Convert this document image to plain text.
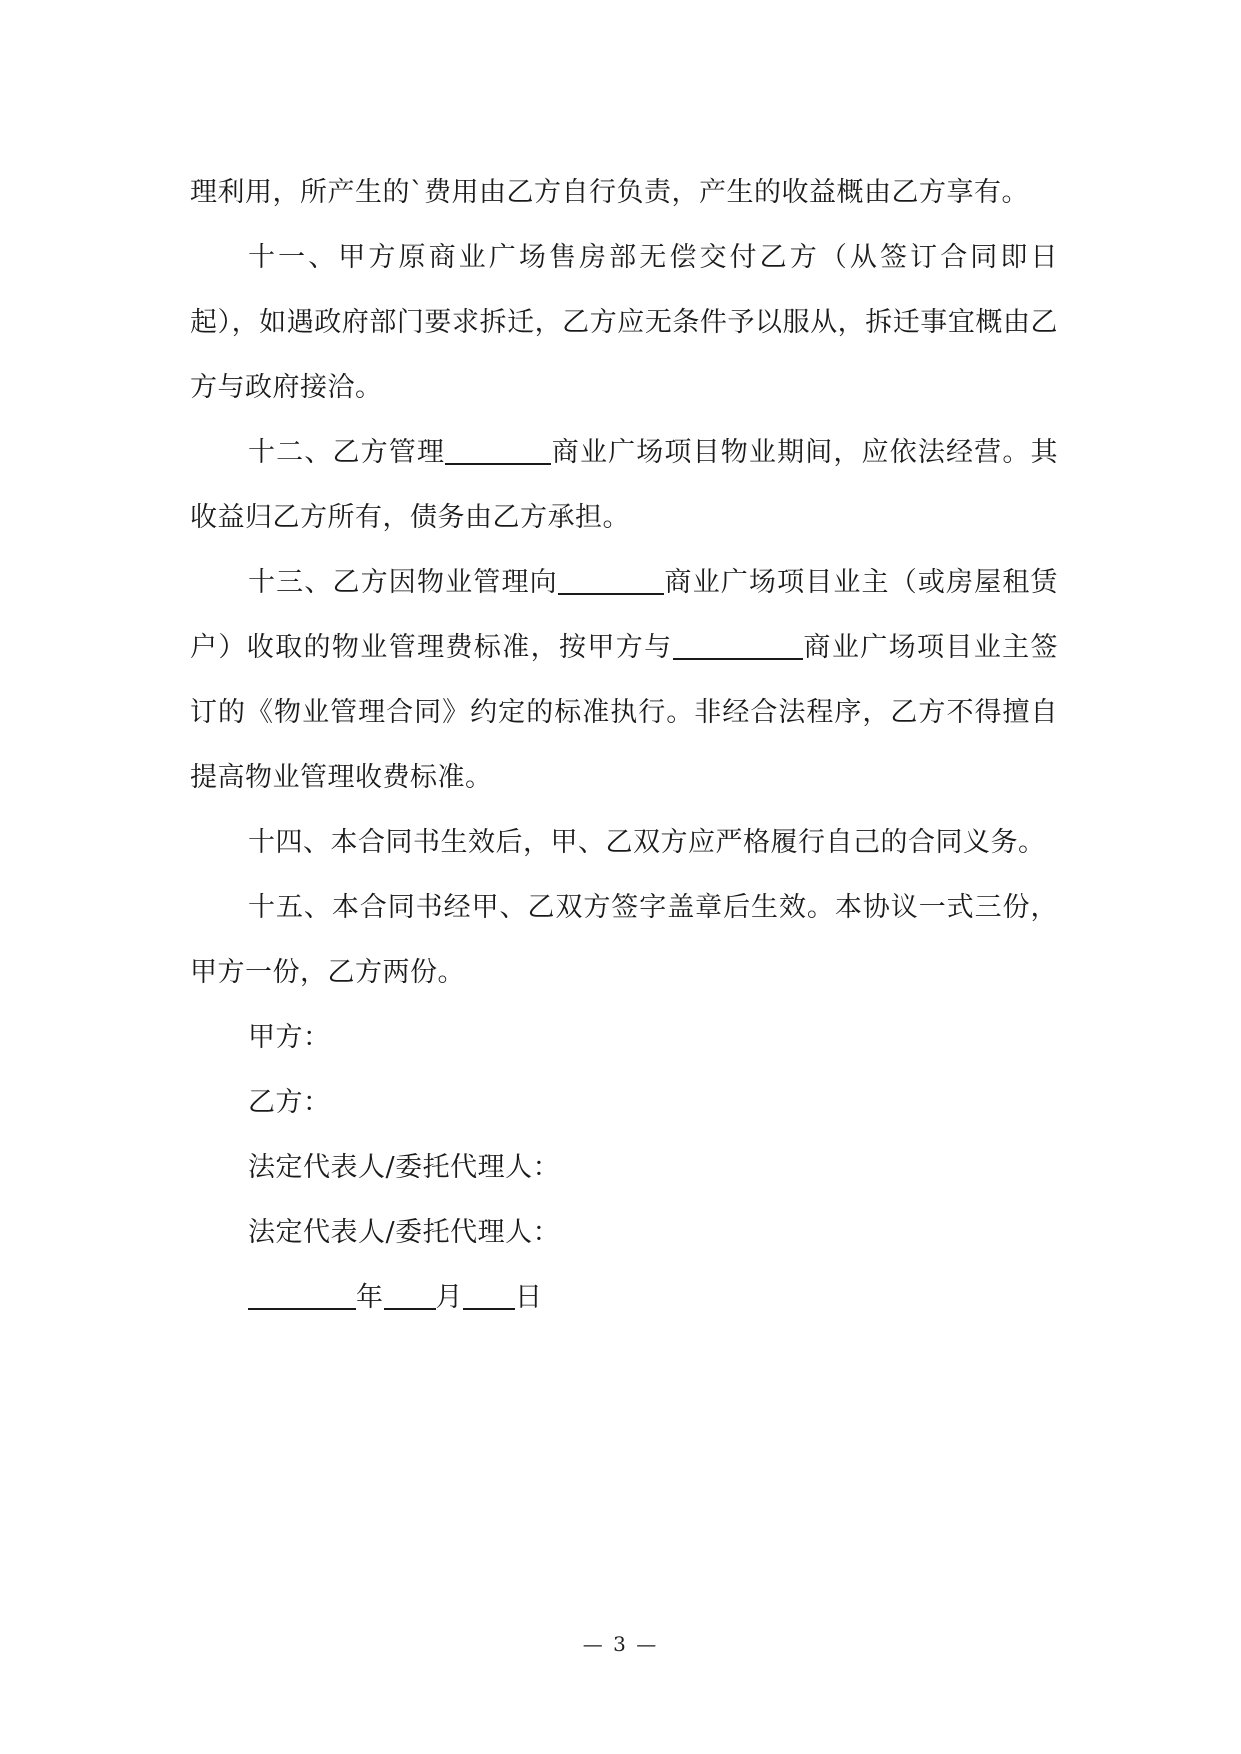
理利用，所产生的`费用由乙方自行负责，产生的收益概由乙方享有。

十一、甲方原商业广场售房部无偿交付乙方（从签订合同即日起），如遇政府部门要求拆迁，乙方应无条件予以服从，拆迁事宜概由乙方与政府接洽。

十二、乙方管理	商业广场项目物业期间，应依法经营。其收益归乙方所有，债务由乙方承担。

十三、乙方因物业管理向	商业广场项目业主（或房屋租赁户）收取的物业管理费标准，按甲方与	商业广场项目业主签订的《物业管理合同》约定的标准执行。非经合法程序，乙方不得擅自提高物业管理收费标准。

十四、本合同书生效后，甲、乙双方应严格履行自己的合同义务。

十五、本合同书经甲、乙双方签字盖章后生效。本协议一式三份，甲方一份，乙方两份。

甲方：

乙方：

法定代表人/委托代理人：

法定代表人/委托代理人：

年 月 日

— 3 —
